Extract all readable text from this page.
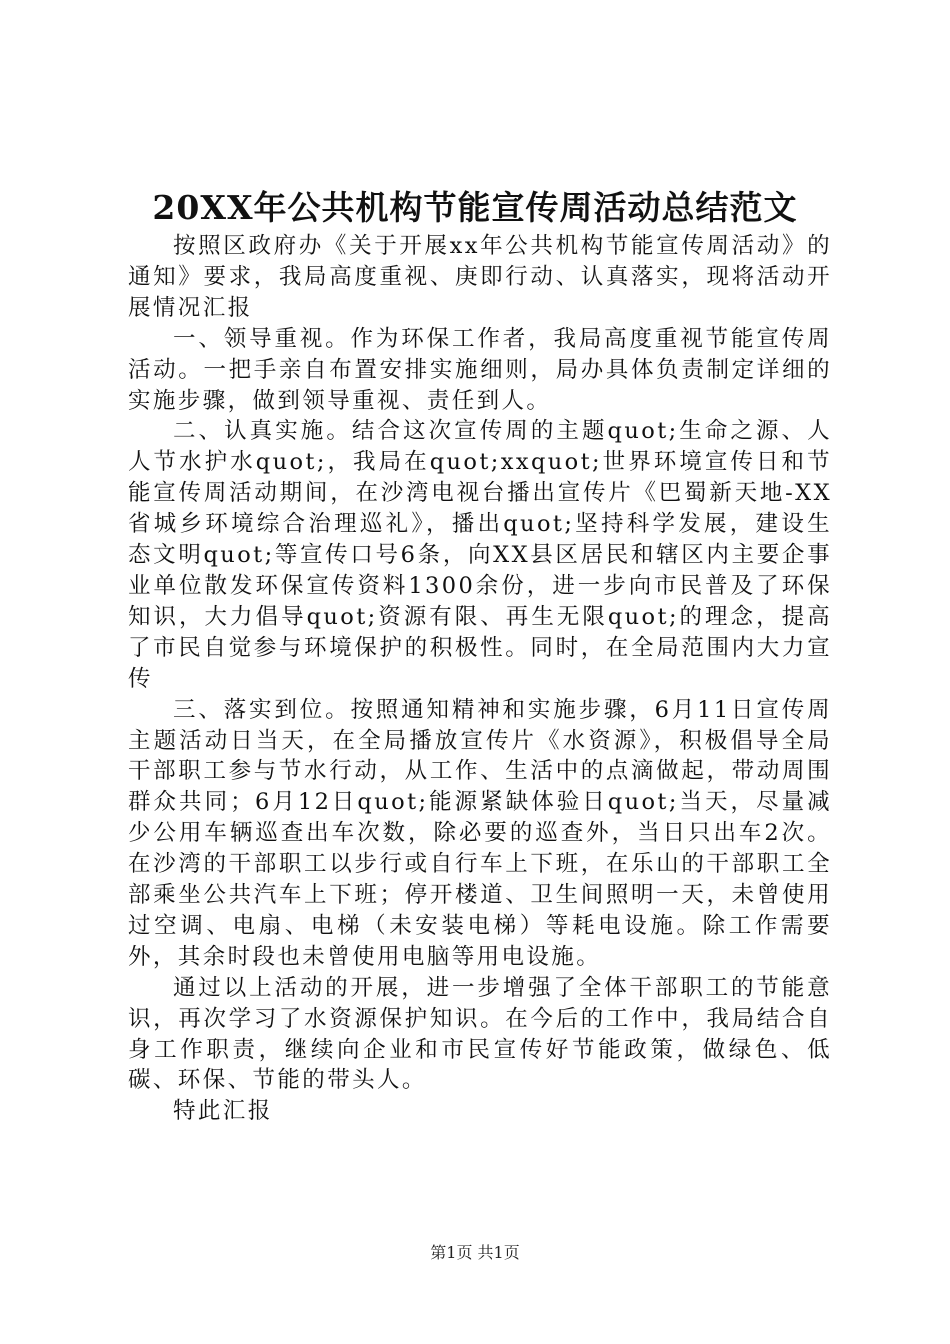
20XX年公共机构节能宣传周活动总结范文

按照区政府办《关于开展xx年公共机构节能宣传周活动》的通知》要求，我局高度重视、庚即行动、认真落实，现将活动开展情况汇报

一、领导重视。作为环保工作者，我局高度重视节能宣传周活动。一把手亲自布置安排实施细则，局办具体负责制定详细的实施步骤，做到领导重视、责任到人。

二、认真实施。结合这次宣传周的主题quot;生命之源、人人节水护水quot;，我局在quot;xxquot;世界环境宣传日和节能宣传周活动期间，在沙湾电视台播出宣传片《巴蜀新天地-XX省城乡环境综合治理巡礼》，播出quot;坚持科学发展，建设生态文明quot;等宣传口号6条，向XX县区居民和辖区内主要企事业单位散发环保宣传资料1300余份，进一步向市民普及了环保知识，大力倡导quot;资源有限、再生无限quot;的理念，提高了市民自觉参与环境保护的积极性。同时，在全局范围内大力宣传

三、落实到位。按照通知精神和实施步骤，6月11日宣传周主题活动日当天，在全局播放宣传片《水资源》，积极倡导全局干部职工参与节水行动，从工作、生活中的点滴做起，带动周围群众共同；6月12日quot;能源紧缺体验日quot;当天，尽量减少公用车辆巡查出车次数，除必要的巡查外，当日只出车2次。在沙湾的干部职工以步行或自行车上下班，在乐山的干部职工全部乘坐公共汽车上下班；停开楼道、卫生间照明一天，未曾使用过空调、电扇、电梯（未安装电梯）等耗电设施。除工作需要外，其余时段也未曾使用电脑等用电设施。

通过以上活动的开展，进一步增强了全体干部职工的节能意识，再次学习了水资源保护知识。在今后的工作中，我局结合自身工作职责，继续向企业和市民宣传好节能政策，做绿色、低碳、环保、节能的带头人。

特此汇报

第1页 共1页
